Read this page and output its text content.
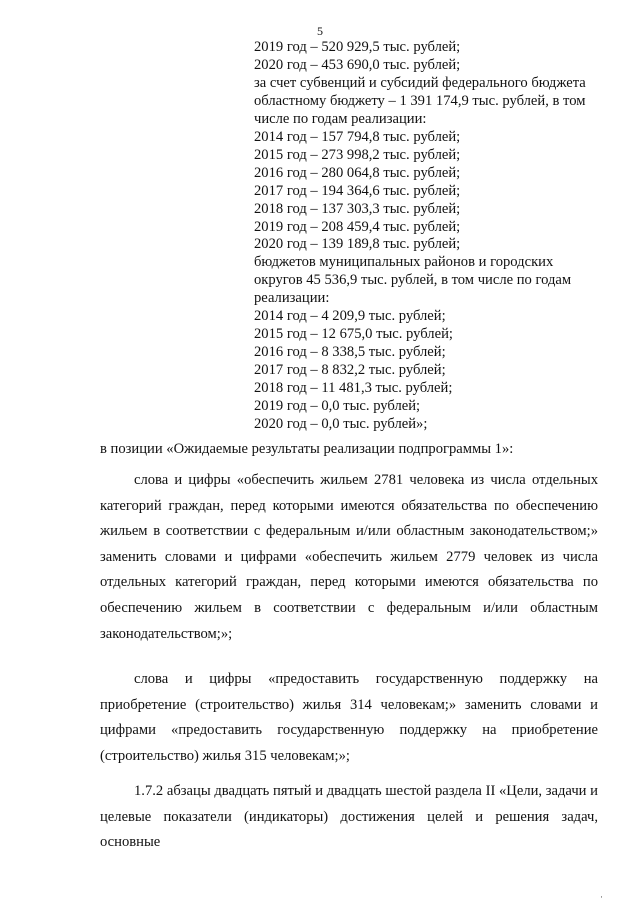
5
2019 год – 520 929,5 тыс. рублей;
2020 год – 453 690,0 тыс. рублей;
за счет субвенций и субсидий федерального бюджета
областному бюджету – 1 391 174,9 тыс. рублей, в том
числе по годам реализации:
2014 год – 157 794,8 тыс. рублей;
2015 год – 273 998,2 тыс. рублей;
2016 год – 280 064,8 тыс. рублей;
2017 год – 194 364,6 тыс. рублей;
2018 год – 137 303,3 тыс. рублей;
2019 год – 208 459,4 тыс. рублей;
2020 год – 139 189,8 тыс. рублей;
бюджетов муниципальных районов и городских
округов 45 536,9 тыс. рублей, в том числе по годам
реализации:
2014 год – 4 209,9 тыс. рублей;
2015 год – 12 675,0 тыс. рублей;
2016 год – 8 338,5 тыс. рублей;
2017 год – 8 832,2 тыс. рублей;
2018 год – 11 481,3 тыс. рублей;
2019 год – 0,0 тыс. рублей;
2020 год – 0,0 тыс. рублей»;
в позиции «Ожидаемые результаты реализации подпрограммы 1»:

слова и цифры «обеспечить жильем 2781 человека из числа отдельных категорий граждан, перед которыми имеются обязательства по обеспечению жильем в соответствии с федеральным и/или областным законодательством;» заменить словами и цифрами «обеспечить жильем 2779 человек из числа отдельных категорий граждан, перед которыми имеются обязательства по обеспечению жильем в соответствии с федеральным и/или областным законодательством;»;

слова и цифры «предоставить государственную поддержку на приобретение (строительство) жилья 314 человекам;» заменить словами и цифрами «предоставить государственную поддержку на приобретение (строительство) жилья 315 человекам;»;

1.7.2 абзацы двадцать пятый и двадцать шестой раздела II «Цели, задачи и целевые показатели (индикаторы) достижения целей и решения задач, основные

·
